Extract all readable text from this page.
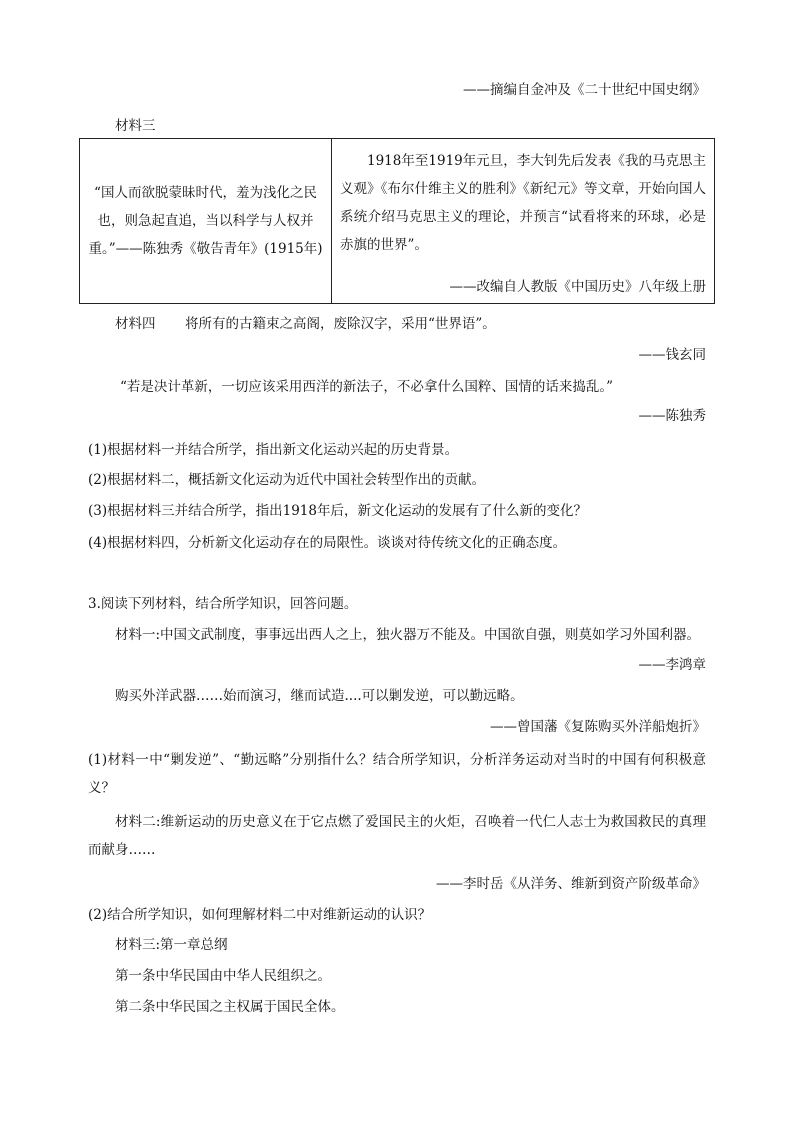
——摘编自金冲及《二十世纪中国史纲》
材料三
“国人而欲脱蒙昧时代，羞为浅化之民也，则急起直追，当以科学与人权并重。”——陈独秀《敬告青年》(1915年)
1918年至1919年元旦，李大钊先后发表《我的马克思主义观》《布尔什维主义的胜利》《新纪元》等文章，开始向国人系统介绍马克思主义的理论，并预言“试看将来的环球，必是赤旗的世界”。
——改编自人教版《中国历史》八年级上册
材料四 将所有的古籍束之高阁，废除汉字，采用“世界语”。
——钱玄同
“若是决计革新，一切应该采用西洋的新法子，不必拿什么国粹、国情的话来捣乱。”
——陈独秀
(1)根据材料一并结合所学，指出新文化运动兴起的历史背景。
(2)根据材料二，概括新文化运动为近代中国社会转型作出的贡献。
(3)根据材料三并结合所学，指出1918年后，新文化运动的发展有了什么新的变化？
(4)根据材料四，分析新文化运动存在的局限性。谈谈对待传统文化的正确态度。
3.阅读下列材料，结合所学知识，回答问题。
材料一:中国文武制度，事事远出西人之上，独火器万不能及。中国欲自强，则莫如学习外国利器。
——李鸿章
购买外洋武器……始而演习，继而试造....可以剿发逆，可以勤远略。
——曾国藩《复陈购买外洋船炮折》
(1)材料一中“剿发逆”、“勤远略”分别指什么？结合所学知识，分析洋务运动对当时的中国有何积极意义？
材料二:维新运动的历史意义在于它点燃了爱国民主的火炬，召唤着一代仁人志士为救国救民的真理而献身……
——李时岳《从洋务、维新到资产阶级革命》
(2)结合所学知识，如何理解材料二中对维新运动的认识？
材料三:第一章总纲
第一条中华民国由中华人民组织之。
第二条中华民国之主权属于国民全体。
